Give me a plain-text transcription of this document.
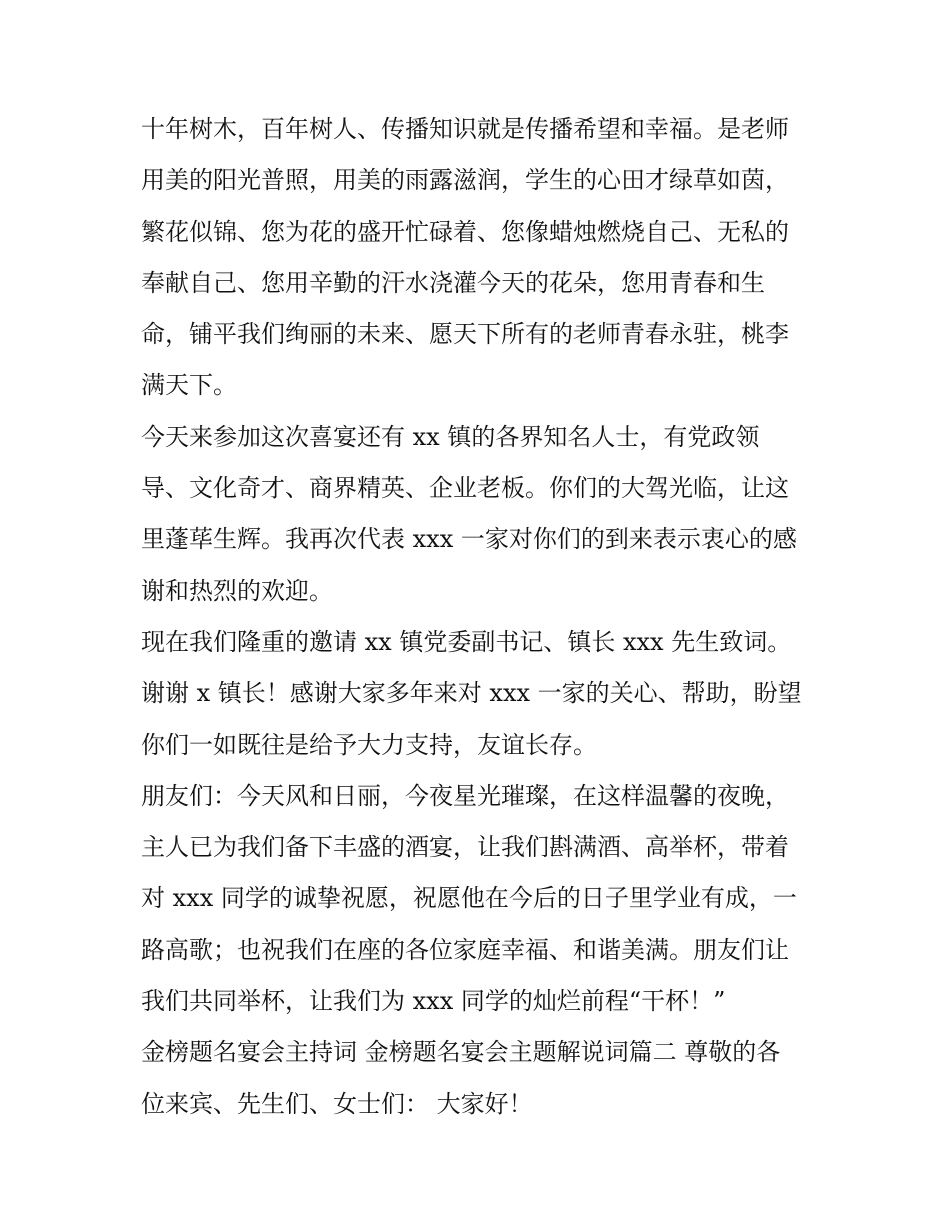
十年树木，百年树人、传播知识就是传播希望和幸福。是老师
用美的阳光普照，用美的雨露滋润，学生的心田才绿草如茵，
繁花似锦、您为花的盛开忙碌着、您像蜡烛燃烧自己、无私的
奉献自己、您用辛勤的汗水浇灌今天的花朵，您用青春和生
命，铺平我们绚丽的未来、愿天下所有的老师青春永驻，桃李
满天下。
今天来参加这次喜宴还有 xx 镇的各界知名人士，有党政领
导、文化奇才、商界精英、企业老板。你们的大驾光临，让这
里蓬荜生辉。我再次代表 xxx 一家对你们的到来表示衷心的感
谢和热烈的欢迎。
现在我们隆重的邀请 xx 镇党委副书记、镇长 xxx 先生致词。
谢谢 x 镇长！感谢大家多年来对 xxx 一家的关心、帮助，盼望
你们一如既往是给予大力支持，友谊长存。
朋友们：今天风和日丽，今夜星光璀璨，在这样温馨的夜晚，
主人已为我们备下丰盛的酒宴，让我们斟满酒、高举杯，带着
对 xxx 同学的诚挚祝愿，祝愿他在今后的日子里学业有成，一
路高歌；也祝我们在座的各位家庭幸福、和谐美满。朋友们让
我们共同举杯，让我们为 xxx 同学的灿烂前程“干杯！”
金榜题名宴会主持词 金榜题名宴会主题解说词篇二 尊敬的各
位来宾、先生们、女士们： 大家好！
